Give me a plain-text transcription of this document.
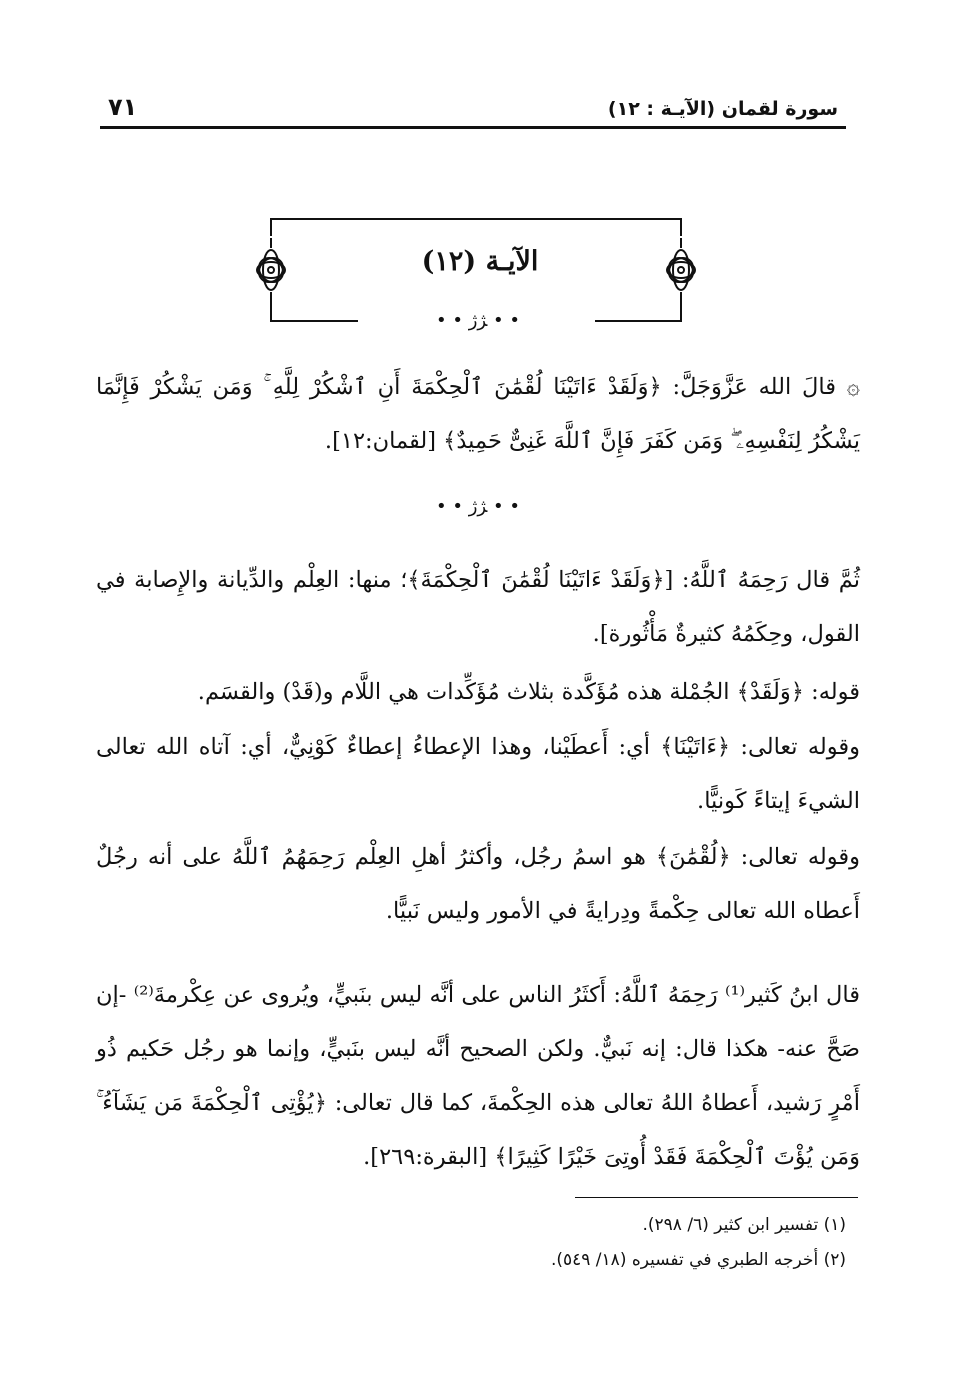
سورة لقمان (الآيـة : ١٢)
٧١
الآيـة (١٢)
• • ﮋﮊ • •

۞ قالَ الله عَزَّوَجَلَّ: ﴿وَلَقَدْ ءَاتَيْنَا لُقْمَٰنَ ٱلْحِكْمَةَ أَنِ ٱشْكُرْ لِلَّهِ ۚ وَمَن يَشْكُرْ فَإِنَّمَا يَشْكُرُ لِنَفْسِهِۦ ۖ وَمَن كَفَرَ فَإِنَّ ٱللَّهَ غَنِىٌّ حَمِيدٌ﴾ [لقمان:١٢].

• • ﮋﮊ • •

ثُمَّ قال رَحِمَهُ ٱللَّهُ: [﴿وَلَقَدْ ءَاتَيْنَا لُقْمَٰنَ ٱلْحِكْمَةَ﴾؛ منها: العِلْم والدِّيانة والإِصابة في القول، وحِكَمُهُ كثيرةٌ مَأْثُورة].

قوله: ﴿وَلَقَدْ﴾ الجُمْلة هذه مُؤَكَّدة بثلاث مُؤَكِّدات هي اللَّام و(قَدْ) والقسَم.

وقوله تعالى: ﴿ءَاتَيْنَا﴾ أي: أَعطَيْنا، وهذا الإعطاءُ إعطاءٌ كَوْنِيٌّ، أي: آتاه الله تعالى الشيءَ إيتاءً كَونيًّا.

وقوله تعالى: ﴿لُقْمَٰنَ﴾ هو اسمُ رجُل، وأكثرُ أهلِ العِلْم رَحِمَهُمُ ٱللَّهُ على أنه رجُلٌ أَعطاه الله تعالى حِكْمةً ودِرايةً في الأمور وليس نَبيًّا.

قال ابنُ كَثير⁽¹⁾ رَحِمَهُ ٱللَّهُ: أَكثَرُ الناس على أنَّه ليس بنَبيٍّ، ويُروى عن عِكْرمةَ⁽²⁾ -إن صَحَّ عنه- هكذا قال: إنه نَبيٌّ. ولكن الصحيح أنَّه ليس بنَبيٍّ، وإنما هو رجُل حَكيم ذُو أَمْرٍ رَشيد، أَعطاهُ اللهُ تعالى هذه الحِكْمةَ، كما قال تعالى: ﴿يُؤْتِى ٱلْحِكْمَةَ مَن يَشَآءُ ۚ وَمَن يُؤْتَ ٱلْحِكْمَةَ فَقَدْ أُوتِىَ خَيْرًا كَثِيرًا﴾ [البقرة:٢٦٩].

(١) تفسير ابن كثير (٦/ ٢٩٨).
(٢) أخرجه الطبري في تفسيره (١٨/ ٥٤٩).
